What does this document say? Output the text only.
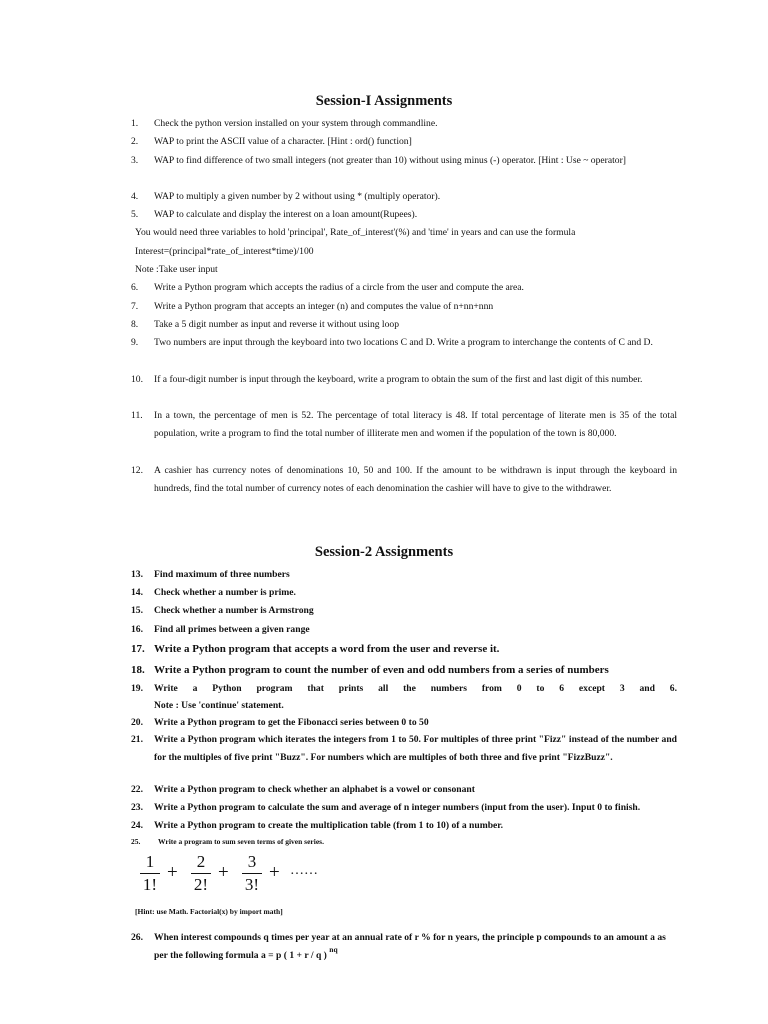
Session-I Assignments
1.	Check the python version installed on your system through commandline.
2.	WAP to print the ASCII value of a character. [Hint : ord() function]
3.	WAP to find difference of two small integers (not greater than 10) without using minus (-) operator. [Hint : Use ~ operator]
4.	WAP to multiply a given number by 2 without using * (multiply operator).
5.	WAP to calculate and display the interest on a loan amount(Rupees).
You would need three variables to hold 'principal', Rate_of_interest'(%) and 'time' in years and can use the formula
Interest=(principal*rate_of_interest*time)/100
Note :Take user input
6.	Write a Python program which accepts the radius of a circle from the user and compute the area.
7.	Write a Python program that accepts an integer (n) and computes the value of n+nn+nnn
8.	Take a 5 digit number as input and reverse it without using loop
9.	Two numbers are input through the keyboard into two locations C and D. Write a program to interchange the contents of C and D.
10.	If a four-digit number is input through the keyboard, write a program to obtain the sum of the first and last digit of this number.
11.	In a town, the percentage of men is 52. The percentage of total literacy is 48. If total percentage of literate men is 35 of the total population, write a program to find the total number of illiterate men and women if the population of the town is 80,000.
12.	A cashier has currency notes of denominations 10, 50 and 100. If the amount to be withdrawn is input through the keyboard in hundreds, find the total number of currency notes of each denomination the cashier will have to give to the withdrawer.
Session-2 Assignments
13.	Find maximum of three numbers
14.	Check whether a number is prime.
15.	Check whether a number is Armstrong
16.	Find all primes between a given range
17. Write a Python program that accepts a word from the user and reverse it.
18. Write a Python program to count the number of even and odd numbers from a series of numbers
19.	Write a Python program that prints all the numbers from 0 to 6 except 3 and 6.
Note : Use 'continue' statement.
20.	Write a Python program to get the Fibonacci series between 0 to 50
21.	Write a Python program which iterates the integers from 1 to 50. For multiples of three print "Fizz" instead of the number and for the multiples of five print "Buzz". For numbers which are multiples of both three and five print "FizzBuzz".
22.	Write a Python program to check whether an alphabet is a vowel or consonant
23.	Write a Python program to calculate the sum and average of n integer numbers (input from the user). Input 0 to finish.
24.	Write a Python program to create the multiplication table (from 1 to 10) of a number.
25.	Write a program to sum seven terms of given series.
1
1!
+
2
2!
+
3
3!
+ ……
[Hint: use Math. Factorial(x) by import math]
26.	When interest compounds q times per year at an annual rate of r % for n years, the principle p compounds to an amount a as per the following formula a = p ( 1 + r / q ) $^{nq}$
